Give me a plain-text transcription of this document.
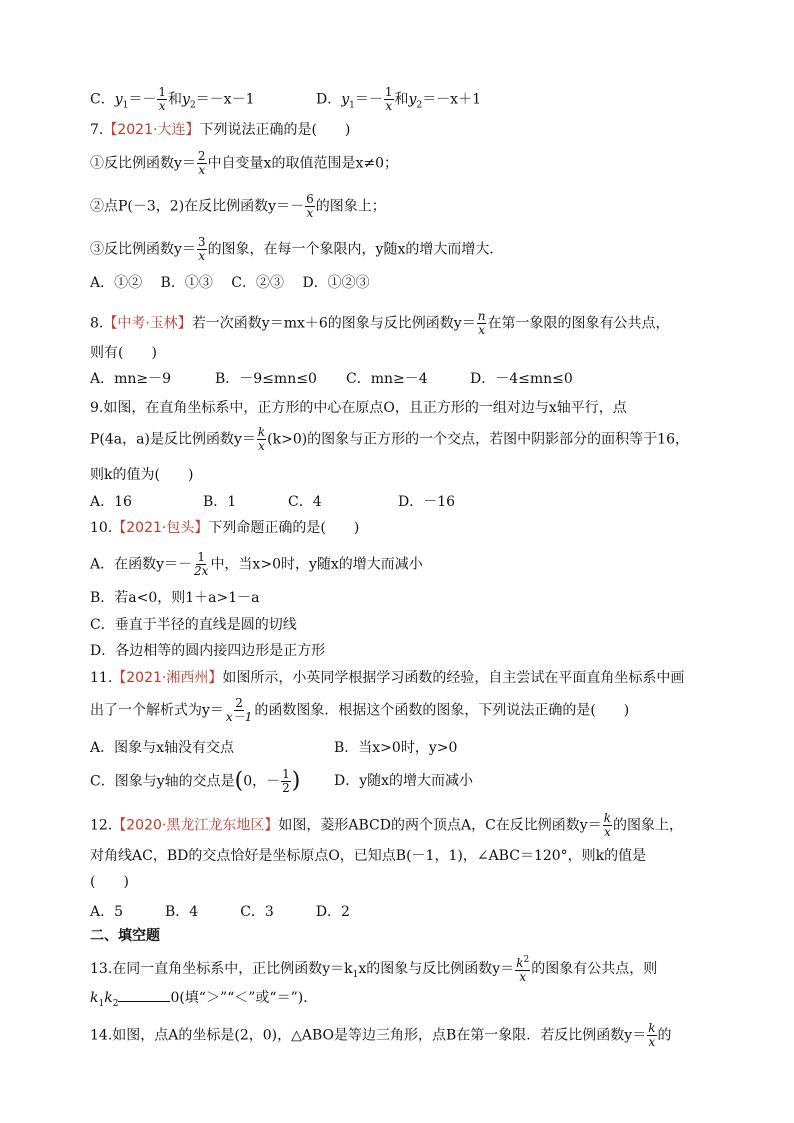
C．$y_1=- \frac{1}{x}$ 和$y_2=-x-1$	D．$y_1=- \frac{1}{x}$ 和$y_2=-x+1$
7.【2021·大连】下列说法正确的是(　　)
①反比例函数$y= \frac{2}{x}$ 中自变量x的取值范围是x≠0；
②点P(－3，2)在反比例函数$y=- \frac{6}{x}$ 的图象上；
③反比例函数$y= \frac{3}{x}$ 的图象，在每一个象限内，y随x的增大而增大．
A．①②　 B．①③　 C．②③　 D．①②③
8.【中考·玉林】若一次函数y＝mx＋6的图象与反比例函数$y= \frac{n}{x}$ 在第一象限的图象有公共点，
则有(　　)
A．mn≥－9	B．－9≤mn≤0 C．mn≥－4	D．－4≤mn≤0
9.如图，在直角坐标系中，正方形的中心在原点O，且正方形的一组对边与x轴平行，点
P(4a，a)是反比例函数$y= \frac{k}{x} (k>0)$的图象与正方形的一个交点，若图中阴影部分的面积等于16，
则k的值为(　　)
A．16	B．1	C．4	D．－16
10.【2021·包头】下列命题正确的是(　　)
A．在函数$y=- \frac{1}{2x}$ 中，当x>0时，y随x的增大而减小
B．若a<0，则1＋a>1－a
C．垂直于半径的直线是圆的切线
D．各边相等的圆内接四边形是正方形
11.【2021·湘西州】如图所示，小英同学根据学习函数的经验，自主尝试在平面直角坐标系中画
出了一个解析式为$y= \frac{2}{x-1}$ 的函数图象．根据这个函数的图象，下列说法正确的是(　　)
A．图象与x轴没有交点	B．当x>0时，y>0
C．图象与y轴的交点是(0，－ $\frac{1}{2}$ ) D．y随x的增大而减小
12.【2020·黑龙江龙东地区】如图，菱形ABCD的两个顶点A，C在反比例函数$y= \frac{k}{x}$ 的图象上，
对角线AC，BD的交点恰好是坐标原点O，已知点B(－1，1)，∠ABC＝120°，则k的值是
(　　)
A．5　　　B．4　　　C．3　　　D．2
二、填空题
13.在同一直角坐标系中，正比例函数$y=k_1x$的图象与反比例函数$y= \frac{k^2}{x}$ 的图象有公共点，则
$k_1k_2$	0(填“＞”“＜”或“＝”)．
14.如图，点A的坐标是(2，0)，△ABO是等边三角形，点B在第一象限．若反比例函数$y= \frac{k}{x}$ 的
